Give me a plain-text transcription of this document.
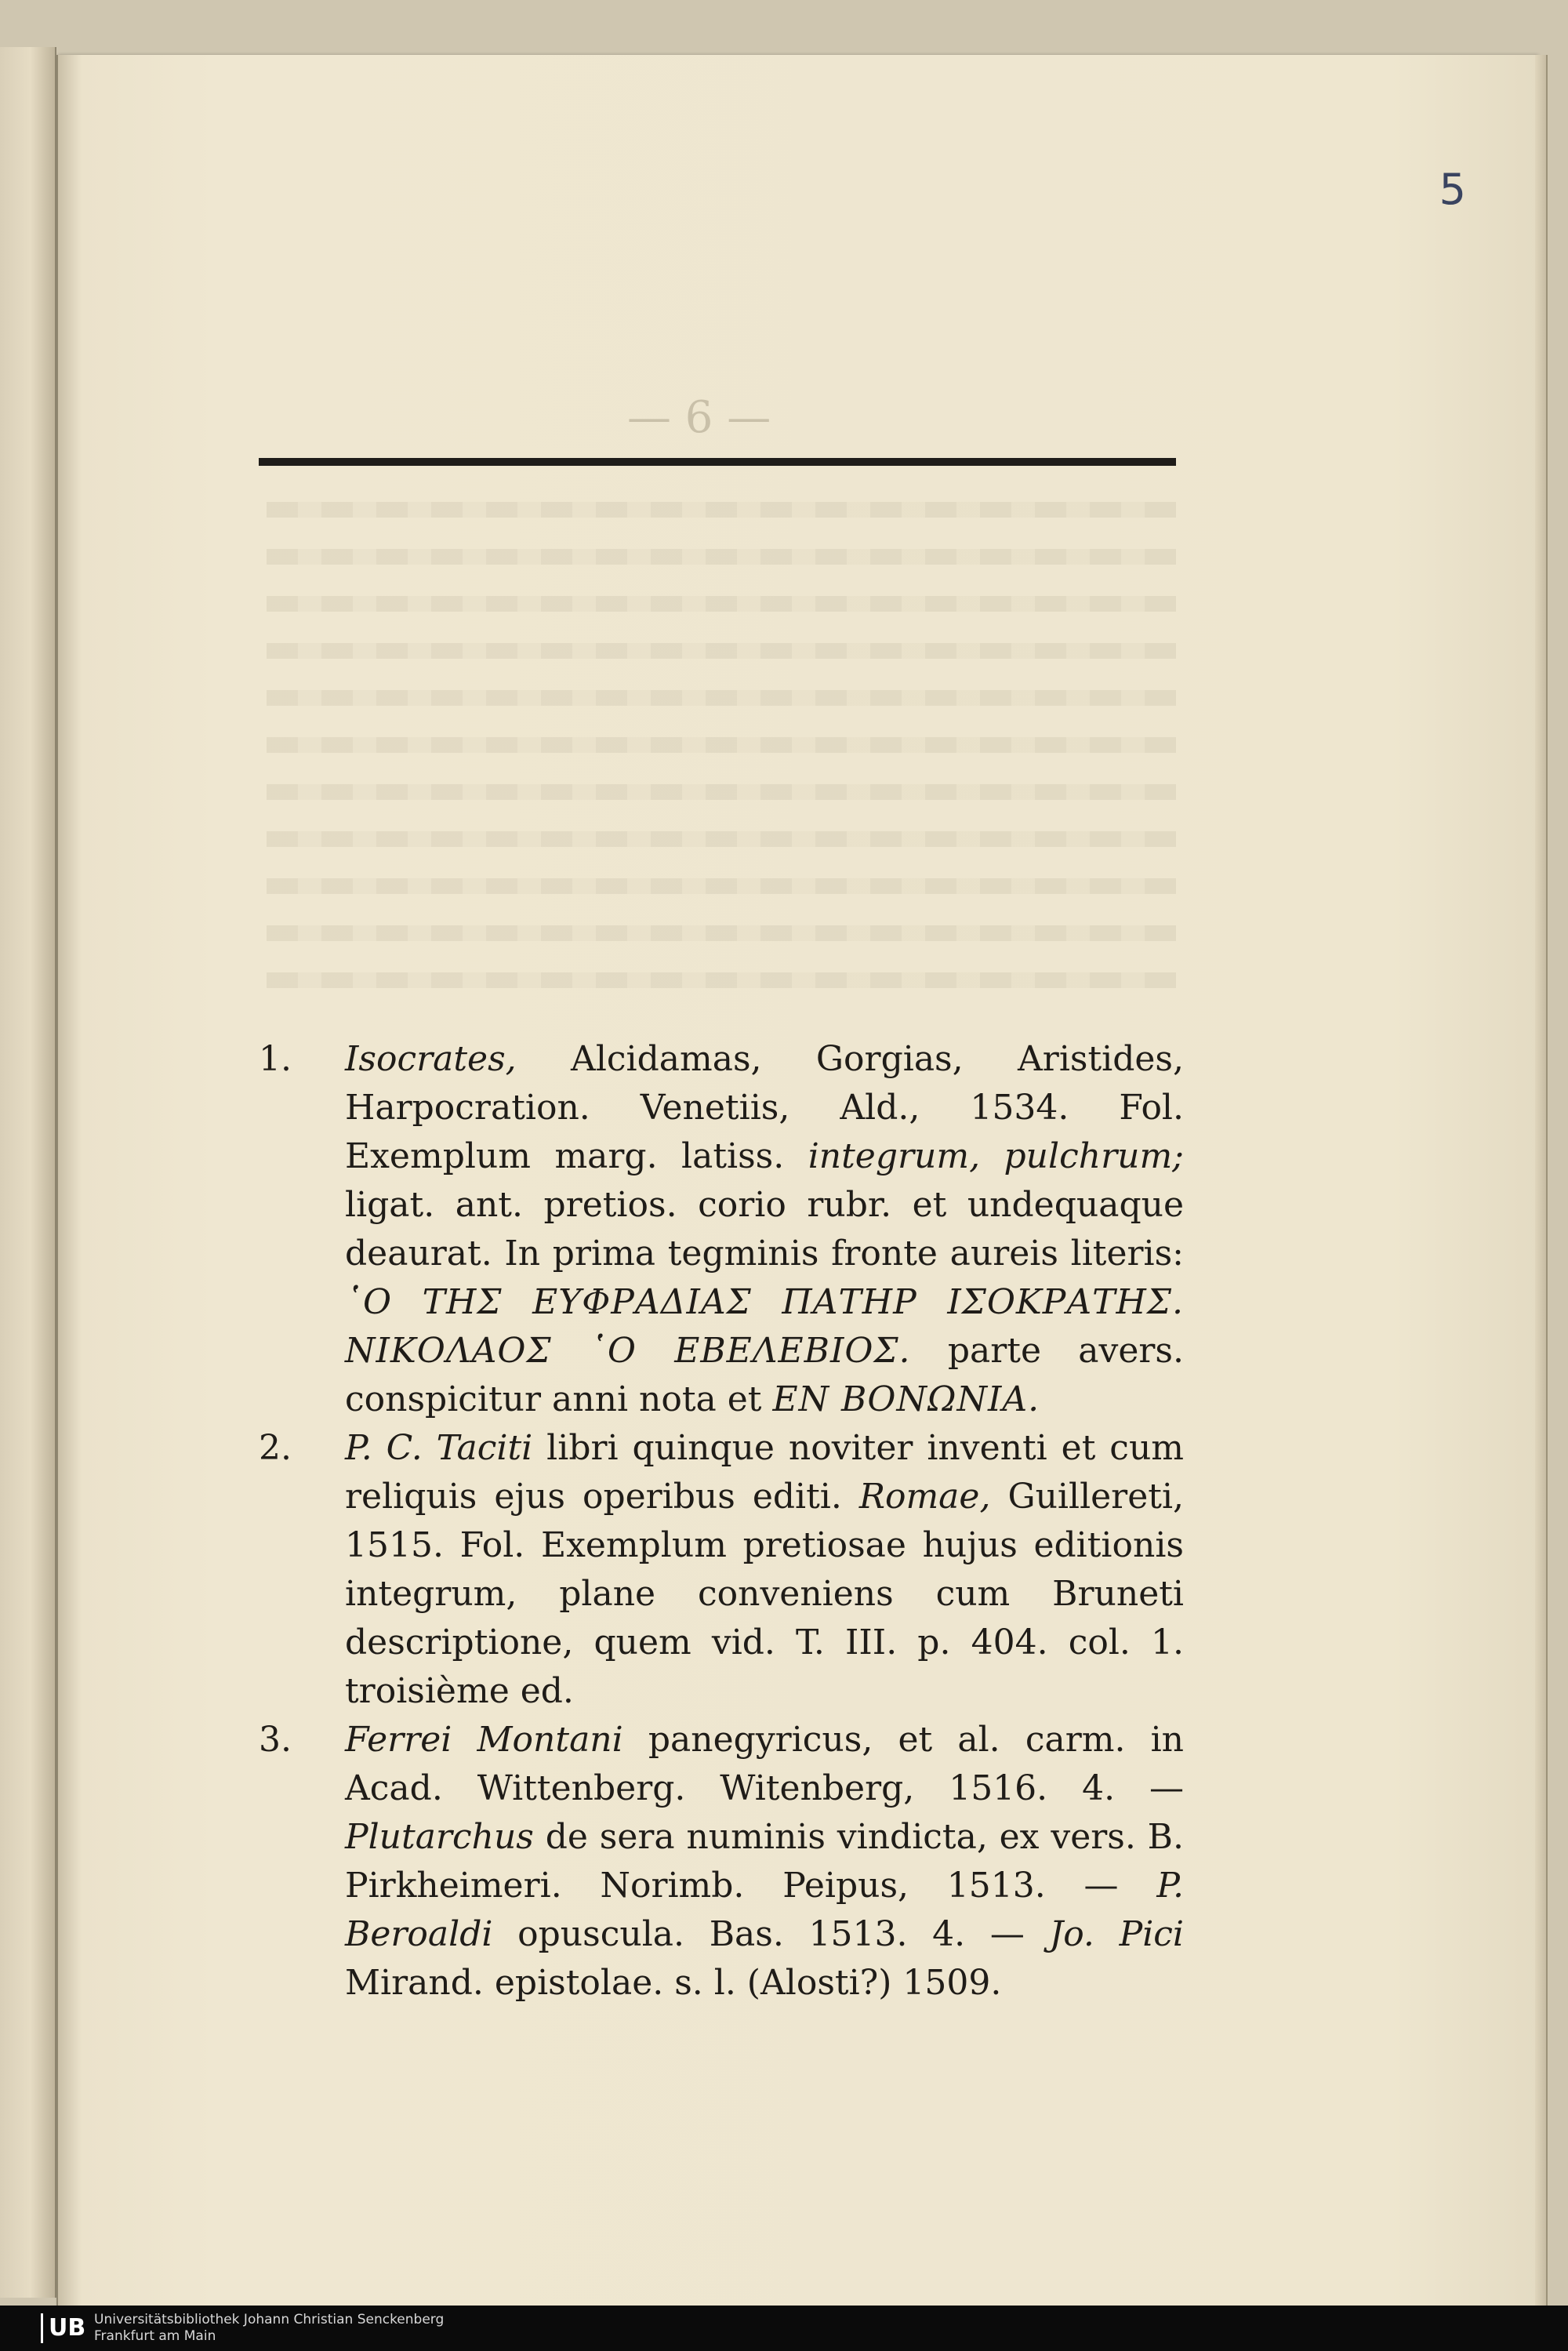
5
— 6 —

1. Isocrates, Alcidamas, Gorgias, Aristides, Harpocration. Venetiis, Ald., 1534. Fol. Exemplum marg. latiss. integrum, pulchrum; ligat. ant. pretios. corio rubr. et undequaque deaurat. In prima tegminis fronte aureis literis: ῾Ο ΤΗΣ ΕΥΦΡΑΔΙΑΣ ΠΑΤΗΡ ΙΣΟΚΡΑΤΗΣ. ΝΙΚΟΛΑΟΣ ῾Ο ΕΒΕΛΕΒΙΟΣ. parte avers. conspicitur anni nota et ΕΝ ΒΟΝΩΝΙΑ.

2. P. C. Taciti libri quinque noviter inventi et cum reliquis ejus operibus editi. Romae, Guillereti, 1515. Fol. Exemplum pretiosae hujus editionis integrum, plane conveniens cum Bruneti descriptione, quem vid. T. III. p. 404. col. 1. troisième ed.

3. Ferrei Montani panegyricus, et al. carm. in Acad. Wittenberg. Witenberg, 1516. 4. — Plutarchus de sera numinis vindicta, ex vers. B. Pirkheimeri. Norimb. Peipus, 1513. — P. Beroaldi opuscula. Bas. 1513. 4. — Jo. Pici Mirand. epistolae. s. l. (Alosti?) 1509.

UB Universitätsbibliothek Johann Christian Senckenberg
Frankfurt am Main
